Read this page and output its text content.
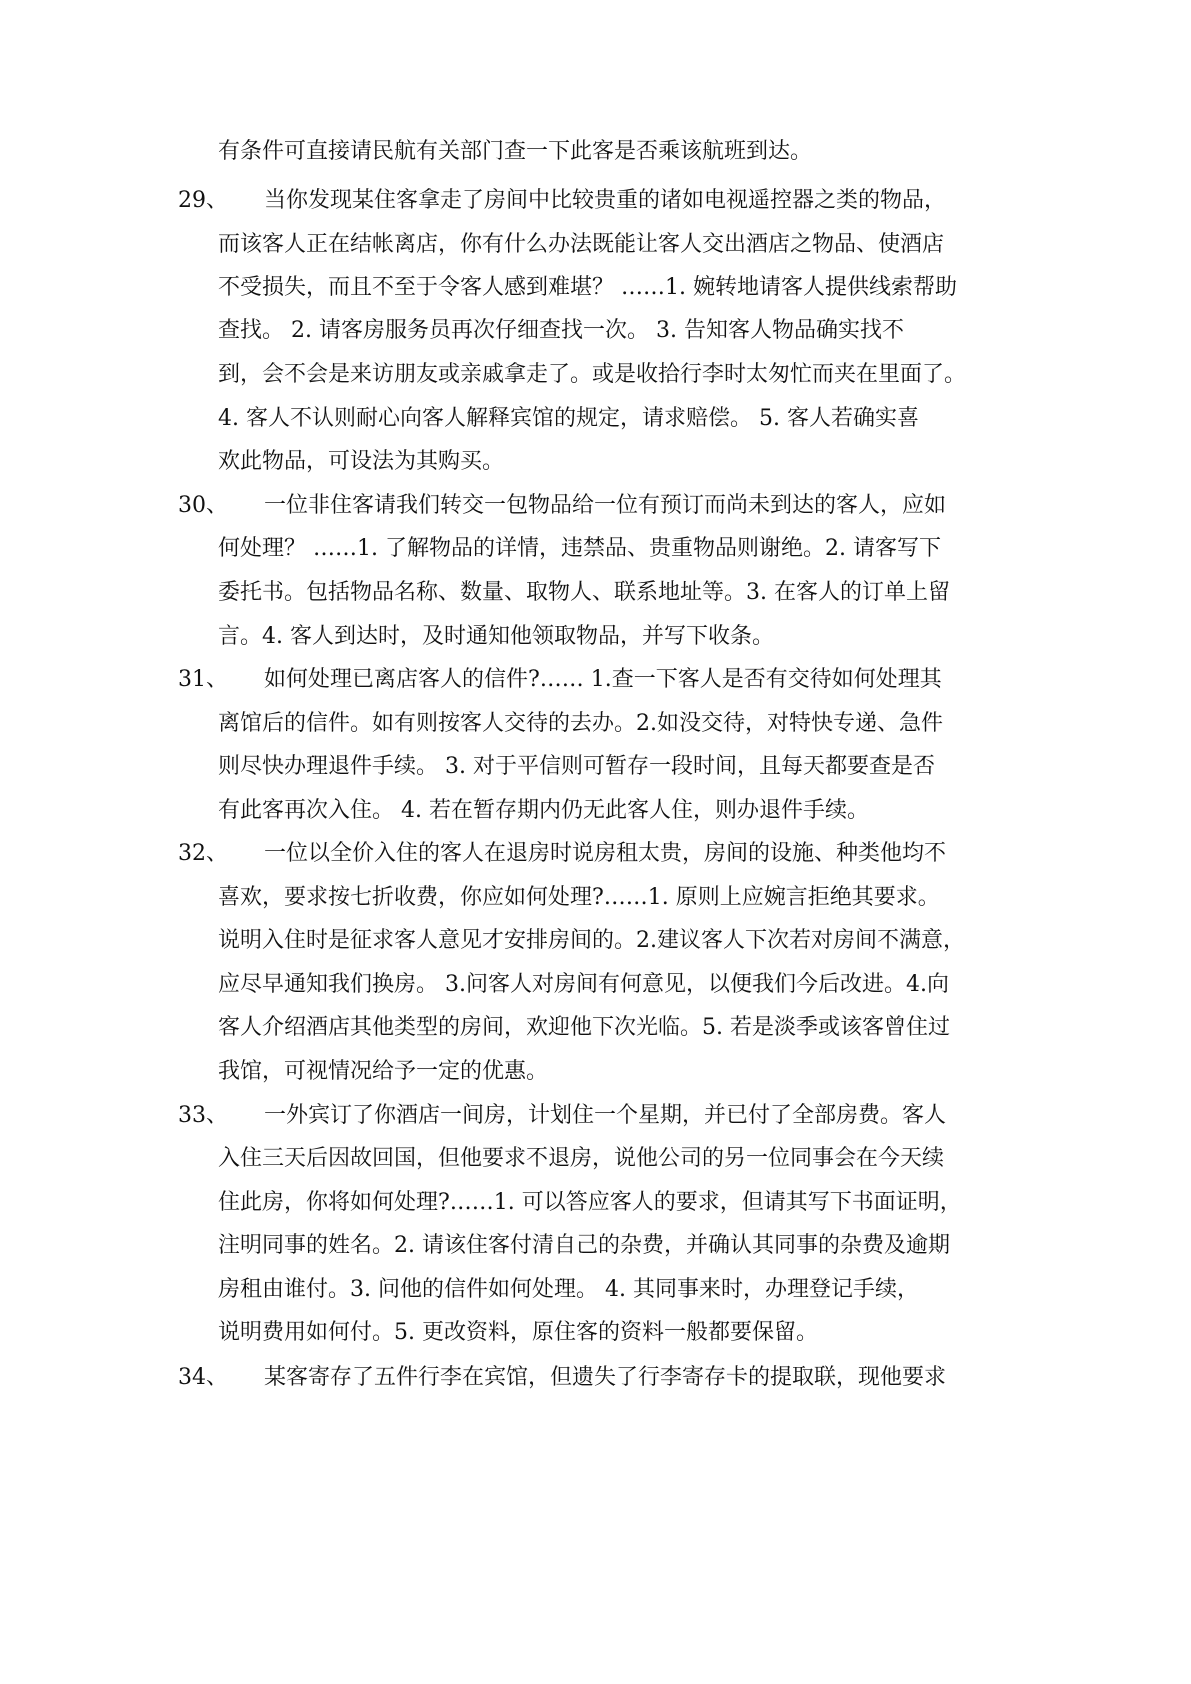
有条件可直接请民航有关部门查一下此客是否乘该航班到达。
29、 当你发现某住客拿走了房间中比较贵重的诸如电视遥控器之类的物品，
而该客人正在结帐离店，你有什么办法既能让客人交出酒店之物品、使酒店
不受损失，而且不至于令客人感到难堪？ ……1. 婉转地请客人提供线索帮助
查找。 2. 请客房服务员再次仔细查找一次。 3. 告知客人物品确实找不
到，会不会是来访朋友或亲戚拿走了。或是收拾行李时太匆忙而夹在里面了。
4. 客人不认则耐心向客人解释宾馆的规定，请求赔偿。 5. 客人若确实喜
欢此物品，可设法为其购买。
30、 一位非住客请我们转交一包物品给一位有预订而尚未到达的客人，应如
何处理？ ……1. 了解物品的详情，违禁品、贵重物品则谢绝。2. 请客写下
委托书。包括物品名称、数量、取物人、联系地址等。3. 在客人的订单上留
言。4. 客人到达时，及时通知他领取物品，并写下收条。
31、 如何处理已离店客人的信件?…… 1.查一下客人是否有交待如何处理其
离馆后的信件。如有则按客人交待的去办。2.如没交待，对特快专递、急件
则尽快办理退件手续。 3. 对于平信则可暂存一段时间，且每天都要查是否
有此客再次入住。 4. 若在暂存期内仍无此客人住，则办退件手续。
32、 一位以全价入住的客人在退房时说房租太贵，房间的设施、种类他均不
喜欢，要求按七折收费，你应如何处理?……1. 原则上应婉言拒绝其要求。
说明入住时是征求客人意见才安排房间的。2.建议客人下次若对房间不满意，
应尽早通知我们换房。 3.问客人对房间有何意见，以便我们今后改进。4.向
客人介绍酒店其他类型的房间，欢迎他下次光临。5. 若是淡季或该客曾住过
我馆，可视情况给予一定的优惠。
33、 一外宾订了你酒店一间房，计划住一个星期，并已付了全部房费。客人
入住三天后因故回国，但他要求不退房，说他公司的另一位同事会在今天续
住此房，你将如何处理?……1. 可以答应客人的要求，但请其写下书面证明，
注明同事的姓名。2. 请该住客付清自己的杂费，并确认其同事的杂费及逾期
房租由谁付。3. 问他的信件如何处理。 4. 其同事来时，办理登记手续，
说明费用如何付。5. 更改资料，原住客的资料一般都要保留。
34、 某客寄存了五件行李在宾馆，但遗失了行李寄存卡的提取联，现他要求
